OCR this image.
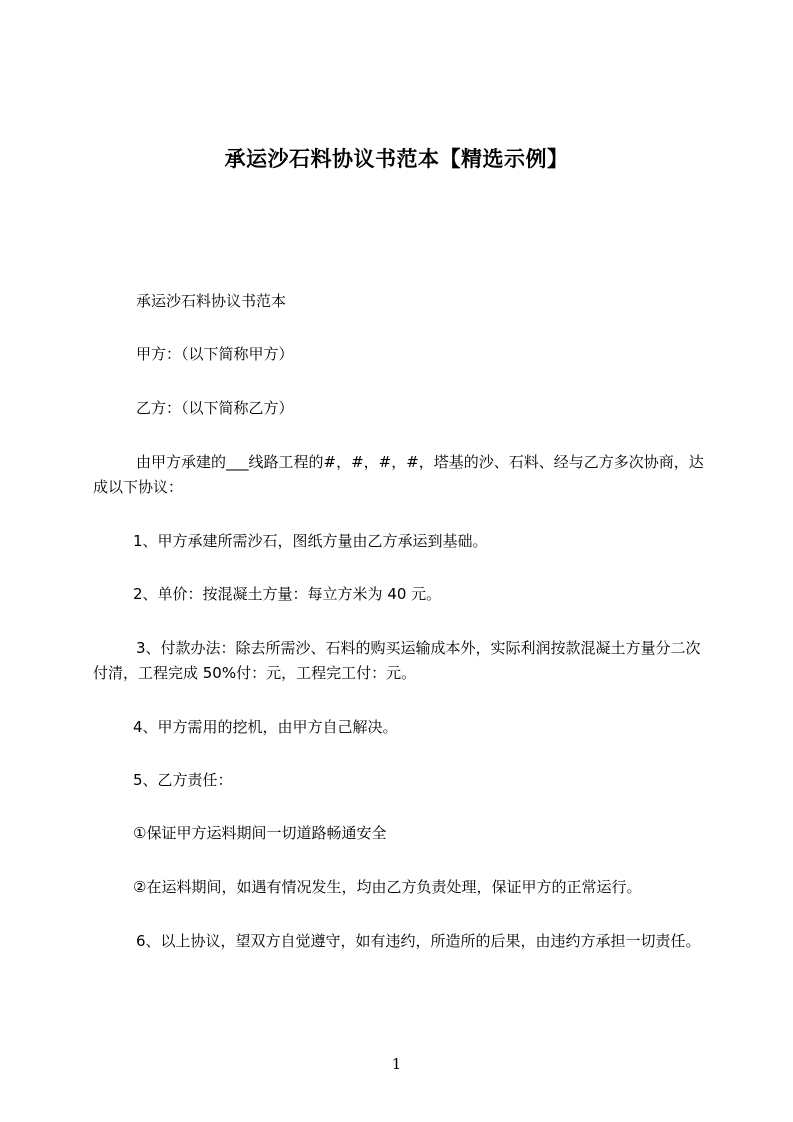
承运沙石料协议书范本【精选示例】

承运沙石料协议书范本

甲方：（以下简称甲方）

乙方：（以下简称乙方）

由甲方承建的___线路工程的#，#，#，#，塔基的沙、石料、经与乙方多次协商，达成以下协议：

1、甲方承建所需沙石，图纸方量由乙方承运到基础。

2、单价：按混凝土方量：每立方米为 40 元。

3、付款办法：除去所需沙、石料的购买运输成本外，实际利润按款混凝土方量分二次付清，工程完成 50%付：元，工程完工付：元。

4、甲方需用的挖机，由甲方自己解决。

5、乙方责任：

①保证甲方运料期间一切道路畅通安全

②在运料期间，如遇有情况发生，均由乙方负责处理，保证甲方的正常运行。

6、以上协议，望双方自觉遵守，如有违约，所造所的后果，由违约方承担一切责任。

1
